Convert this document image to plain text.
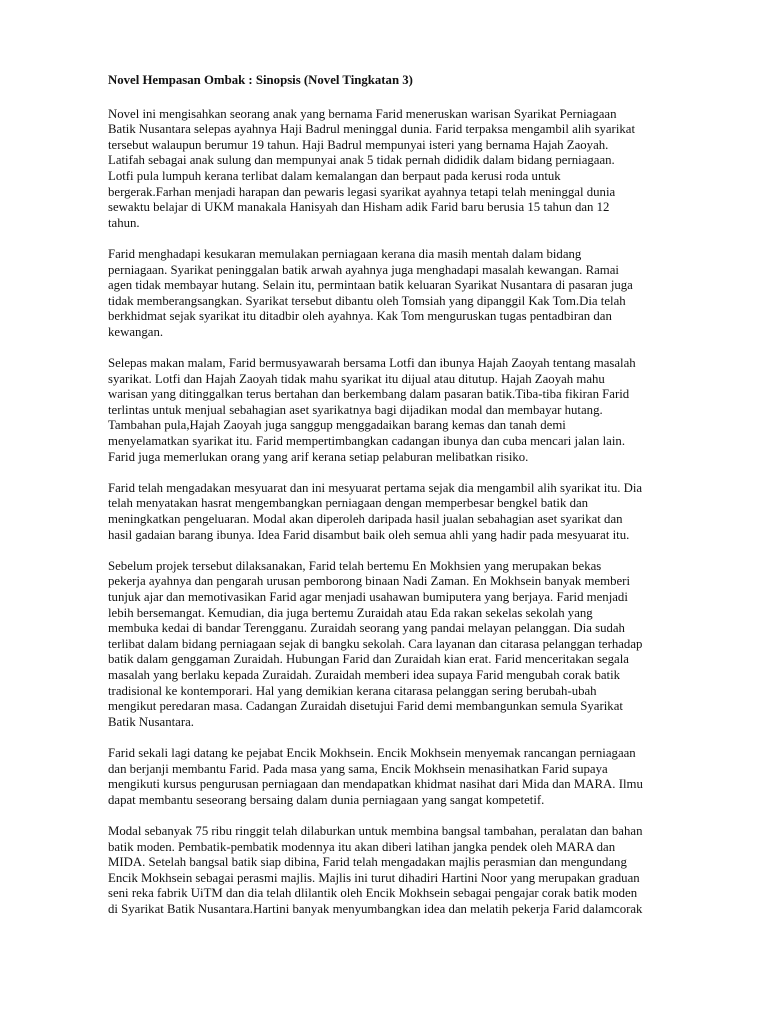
Novel Hempasan Ombak : Sinopsis (Novel Tingkatan 3)
Novel ini mengisahkan seorang anak yang bernama Farid meneruskan warisan Syarikat Perniagaan
Batik Nusantara selepas ayahnya Haji Badrul meninggal dunia. Farid terpaksa mengambil alih syarikat
tersebut walaupun berumur 19 tahun. Haji Badrul mempunyai isteri yang bernama Hajah Zaoyah.
Latifah sebagai anak sulung dan mempunyai anak 5 tidak pernah dididik dalam bidang perniagaan.
Lotfi pula lumpuh kerana terlibat dalam kemalangan dan berpaut pada kerusi roda untuk
bergerak.Farhan menjadi harapan dan pewaris legasi syarikat ayahnya tetapi telah meninggal dunia
sewaktu belajar di UKM manakala Hanisyah dan Hisham adik Farid baru berusia 15 tahun dan 12
tahun.
Farid menghadapi kesukaran memulakan perniagaan kerana dia masih mentah dalam bidang
perniagaan. Syarikat peninggalan batik arwah ayahnya juga menghadapi masalah kewangan. Ramai
agen tidak membayar hutang. Selain itu, permintaan batik keluaran Syarikat Nusantara di pasaran juga
tidak memberangsangkan. Syarikat tersebut dibantu oleh Tomsiah yang dipanggil Kak Tom.Dia telah
berkhidmat sejak syarikat itu ditadbir oleh ayahnya. Kak Tom menguruskan tugas pentadbiran dan
kewangan.
Selepas makan malam, Farid bermusyawarah bersama Lotfi dan ibunya Hajah Zaoyah tentang masalah
syarikat. Lotfi dan Hajah Zaoyah tidak mahu syarikat itu dijual atau ditutup. Hajah Zaoyah mahu
warisan yang ditinggalkan terus bertahan dan berkembang dalam pasaran batik.Tiba-tiba fikiran Farid
terlintas untuk menjual sebahagian aset syarikatnya bagi dijadikan modal dan membayar hutang.
Tambahan pula,Hajah Zaoyah juga sanggup menggadaikan barang kemas dan tanah demi
menyelamatkan syarikat itu. Farid mempertimbangkan cadangan ibunya dan cuba mencari jalan lain.
Farid juga memerlukan orang yang arif kerana setiap pelaburan melibatkan risiko.
Farid telah mengadakan mesyuarat dan ini mesyuarat pertama sejak dia mengambil alih syarikat itu. Dia
telah menyatakan hasrat mengembangkan perniagaan dengan memperbesar bengkel batik dan
meningkatkan pengeluaran. Modal akan diperoleh daripada hasil jualan sebahagian aset syarikat dan
hasil gadaian barang ibunya. Idea Farid disambut baik oleh semua ahli yang hadir pada mesyuarat itu.
Sebelum projek tersebut dilaksanakan, Farid telah bertemu En Mokhsien yang merupakan bekas
pekerja ayahnya dan pengarah urusan pemborong binaan Nadi Zaman. En Mokhsein banyak memberi
tunjuk ajar dan memotivasikan Farid agar menjadi usahawan bumiputera yang berjaya. Farid menjadi
lebih bersemangat. Kemudian, dia juga bertemu Zuraidah atau Eda rakan sekelas sekolah yang
membuka kedai di bandar Terengganu. Zuraidah seorang yang pandai melayan pelanggan. Dia sudah
terlibat dalam bidang perniagaan sejak di bangku sekolah. Cara layanan dan citarasa pelanggan terhadap
batik dalam genggaman Zuraidah. Hubungan Farid dan Zuraidah kian erat. Farid menceritakan segala
masalah yang berlaku kepada Zuraidah. Zuraidah memberi idea supaya Farid mengubah corak batik
tradisional ke kontemporari. Hal yang demikian kerana citarasa pelanggan sering berubah-ubah
mengikut peredaran masa. Cadangan Zuraidah disetujui Farid demi membangunkan semula Syarikat
Batik Nusantara.
Farid sekali lagi datang ke pejabat Encik Mokhsein. Encik Mokhsein menyemak rancangan perniagaan
dan berjanji membantu Farid. Pada masa yang sama, Encik Mokhsein menasihatkan Farid supaya
mengikuti kursus pengurusan perniagaan dan mendapatkan khidmat nasihat dari Mida dan MARA. Ilmu
dapat membantu seseorang bersaing dalam dunia perniagaan yang sangat kompetetif.
Modal sebanyak 75 ribu ringgit telah dilaburkan untuk membina bangsal tambahan, peralatan dan bahan
batik moden. Pembatik-pembatik modennya itu akan diberi latihan jangka pendek oleh MARA dan
MIDA. Setelah bangsal batik siap dibina, Farid telah mengadakan majlis perasmian dan mengundang
Encik Mokhsein sebagai perasmi majlis. Majlis ini turut dihadiri Hartini Noor yang merupakan graduan
seni reka fabrik UiTM dan dia telah dlilantik oleh Encik Mokhsein sebagai pengajar corak batik moden
di Syarikat Batik Nusantara.Hartini banyak menyumbangkan idea dan melatih pekerja Farid dalamcorak
